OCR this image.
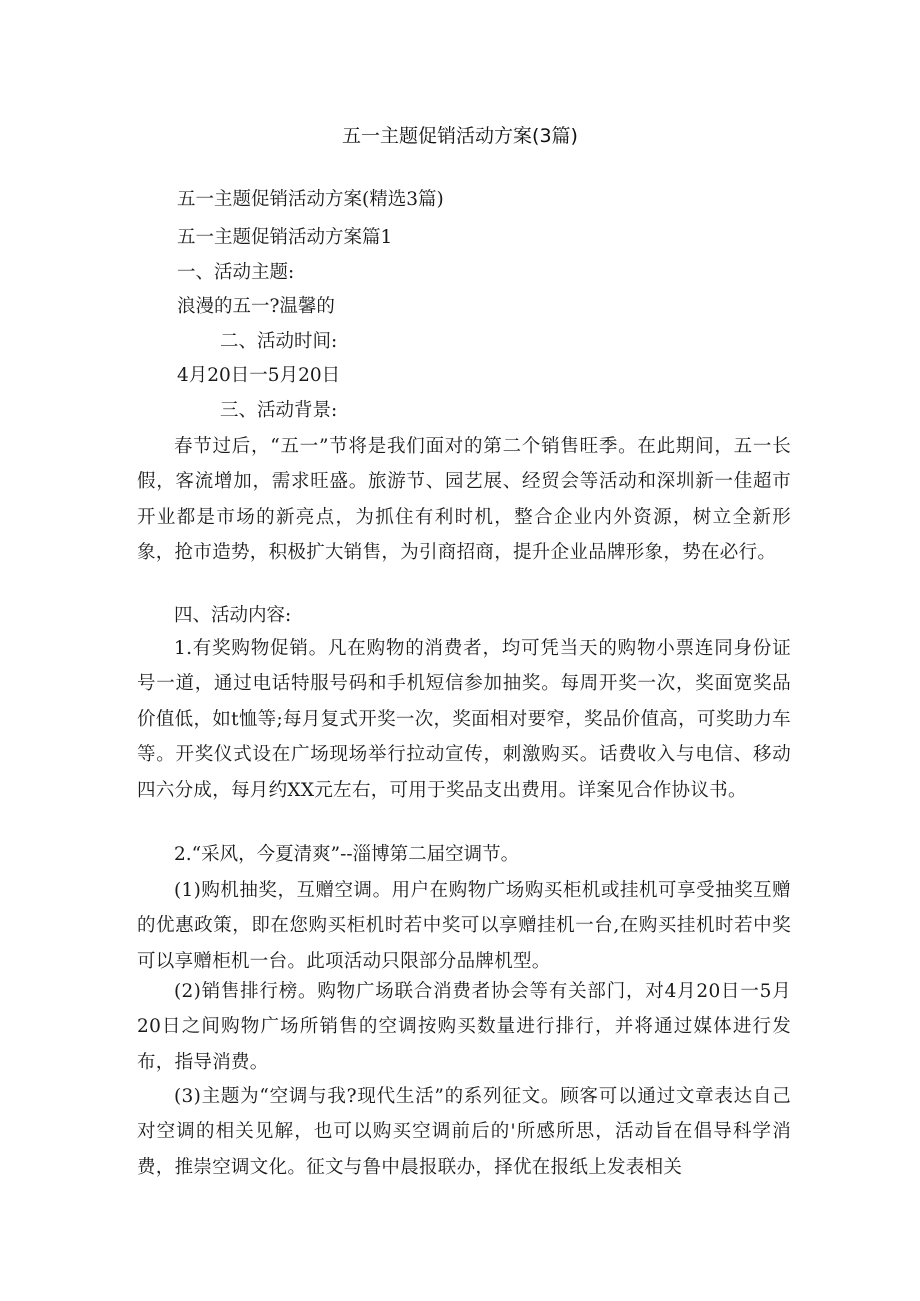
五一主题促销活动方案(3篇)
五一主题促销活动方案(精选3篇)
五一主题促销活动方案篇1
一、活动主题:
浪漫的五一?温馨的
二、活动时间:
4月20日一5月20日
三、活动背景:
春节过后，“五一”节将是我们面对的第二个销售旺季。在此期间，五一长假，客流增加，需求旺盛。旅游节、园艺展、经贸会等活动和深圳新一佳超市开业都是市场的新亮点，为抓住有利时机，整合企业内外资源，树立全新形象，抢市造势，积极扩大销售，为引商招商，提升企业品牌形象，势在必行。
四、活动内容:
1.有奖购物促销。凡在购物的消费者，均可凭当天的购物小票连同身份证号一道，通过电话特服号码和手机短信参加抽奖。每周开奖一次，奖面宽奖品价值低，如t恤等;每月复式开奖一次，奖面相对要窄，奖品价值高，可奖助力车等。开奖仪式设在广场现场举行拉动宣传，刺激购买。话费收入与电信、移动四六分成，每月约XX元左右，可用于奖品支出费用。详案见合作协议书。
2.“采风，今夏清爽”--淄博第二届空调节。
(1)购机抽奖，互赠空调。用户在购物广场购买柜机或挂机可享受抽奖互赠的优惠政策，即在您购买柜机时若中奖可以享赠挂机一台,在购买挂机时若中奖可以享赠柜机一台。此项活动只限部分品牌机型。
(2)销售排行榜。购物广场联合消费者协会等有关部门，对4月20日一5月20日之间购物广场所销售的空调按购买数量进行排行，并将通过媒体进行发布，指导消费。
(3)主题为“空调与我?现代生活”的系列征文。顾客可以通过文章表达自己对空调的相关见解，也可以购买空调前后的'所感所思，活动旨在倡导科学消费，推崇空调文化。征文与鲁中晨报联办，择优在报纸上发表相关
